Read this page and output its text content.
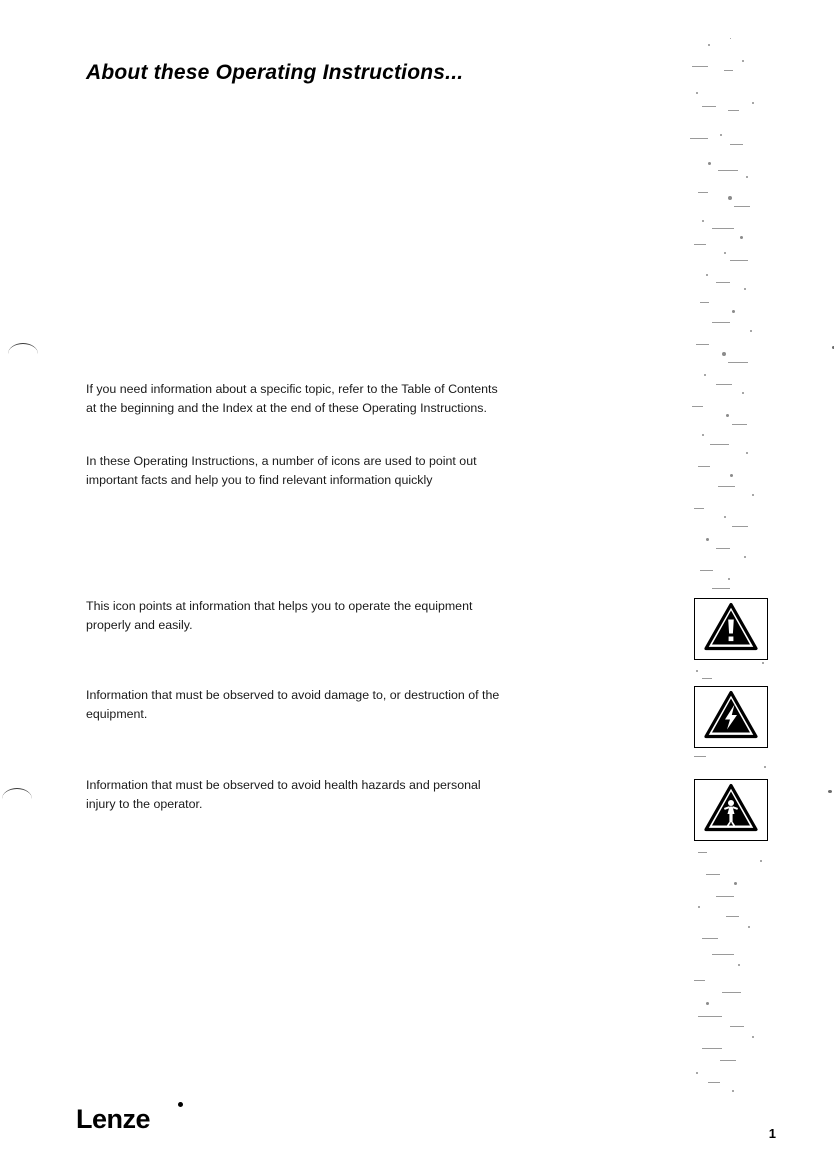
About these Operating Instructions...
If you need information about a specific topic, refer to the Table of Contents at the beginning and the Index at the end of these Operating Instructions.
In these Operating Instructions, a number of icons are used to point out important facts and help you to find relevant information quickly
This icon points at information that helps you to operate the equipment properly and easily.
Information that must be observed to avoid damage to, or destruction of the equipment.
Information that must be observed to avoid health hazards and personal injury to the operator.
Lenze	1
